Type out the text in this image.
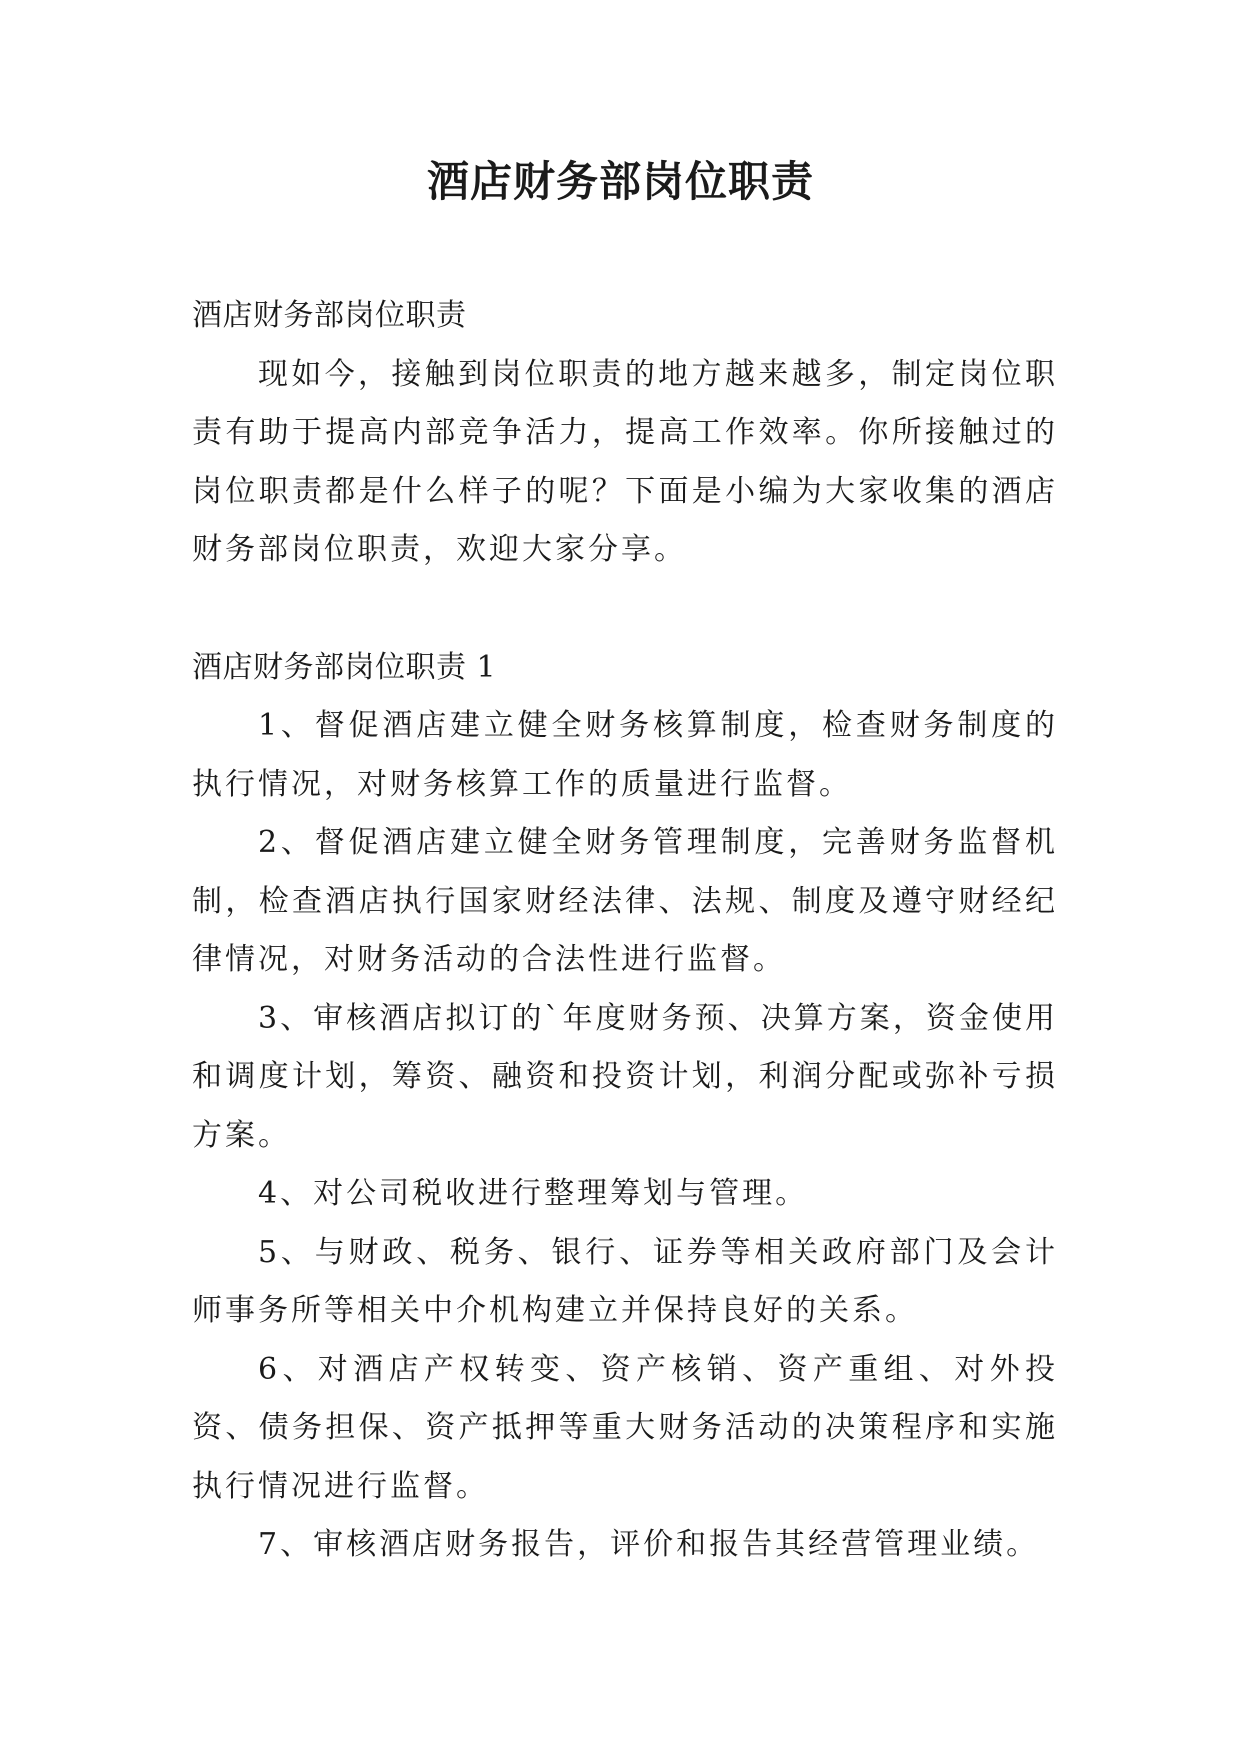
酒店财务部岗位职责

酒店财务部岗位职责

现如今，接触到岗位职责的地方越来越多，制定岗位职责有助于提高内部竞争活力，提高工作效率。你所接触过的岗位职责都是什么样子的呢？下面是小编为大家收集的酒店财务部岗位职责，欢迎大家分享。

酒店财务部岗位职责 1

1、督促酒店建立健全财务核算制度，检查财务制度的执行情况，对财务核算工作的质量进行监督。

2、督促酒店建立健全财务管理制度，完善财务监督机制，检查酒店执行国家财经法律、法规、制度及遵守财经纪律情况，对财务活动的合法性进行监督。

3、审核酒店拟订的`年度财务预、决算方案，资金使用和调度计划，筹资、融资和投资计划，利润分配或弥补亏损方案。

4、对公司税收进行整理筹划与管理。

5、与财政、税务、银行、证券等相关政府部门及会计师事务所等相关中介机构建立并保持良好的关系。

6、对酒店产权转变、资产核销、资产重组、对外投资、债务担保、资产抵押等重大财务活动的决策程序和实施执行情况进行监督。

7、审核酒店财务报告，评价和报告其经营管理业绩。
